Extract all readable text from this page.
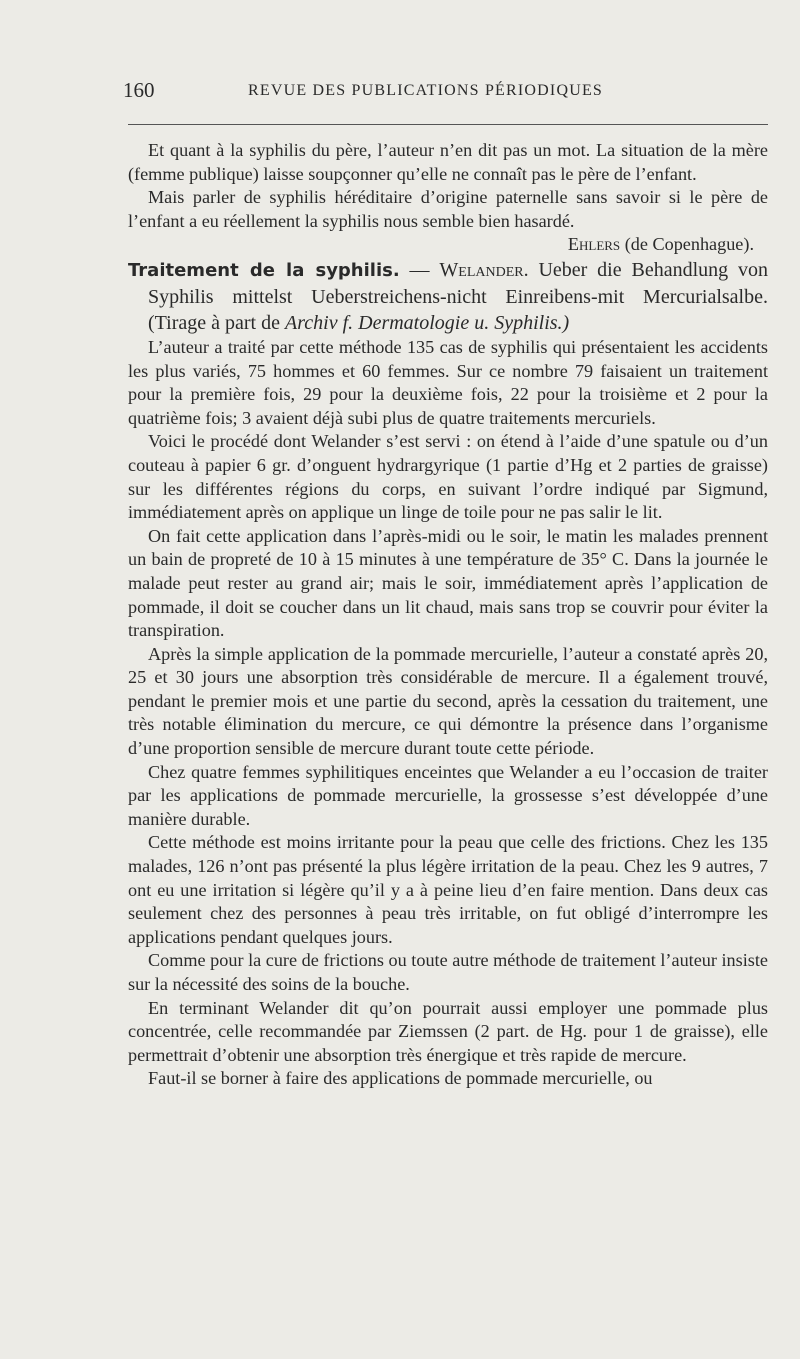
160	REVUE DES PUBLICATIONS PÉRIODIQUES

Et quant à la syphilis du père, l’auteur n’en dit pas un mot. La situation de la mère (femme publique) laisse soupçonner qu’elle ne connaît pas le père de l’enfant.

Mais parler de syphilis héréditaire d’origine paternelle sans savoir si le père de l’enfant a eu réellement la syphilis nous semble bien hasardé.

Ehlers (de Copenhague).

Traitement de la syphilis. — Welander. Ueber die Behandlung von Syphilis mittelst Ueberstreichens-nicht Einreibens-mit Mercurialsalbe. (Tirage à part de Archiv f. Dermatologie u. Syphilis.)

L’auteur a traité par cette méthode 135 cas de syphilis qui présentaient les accidents les plus variés, 75 hommes et 60 femmes. Sur ce nombre 79 faisaient un traitement pour la première fois, 29 pour la deuxième fois, 22 pour la troisième et 2 pour la quatrième fois; 3 avaient déjà subi plus de quatre traitements mercuriels.

Voici le procédé dont Welander s’est servi : on étend à l’aide d’une spatule ou d’un couteau à papier 6 gr. d’onguent hydrargyrique (1 partie d’Hg et 2 parties de graisse) sur les différentes régions du corps, en suivant l’ordre indiqué par Sigmund, immédiatement après on applique un linge de toile pour ne pas salir le lit.

On fait cette application dans l’après-midi ou le soir, le matin les malades prennent un bain de propreté de 10 à 15 minutes à une température de 35° C. Dans la journée le malade peut rester au grand air; mais le soir, immédiatement après l’application de pommade, il doit se coucher dans un lit chaud, mais sans trop se couvrir pour éviter la transpiration.

Après la simple application de la pommade mercurielle, l’auteur a constaté après 20, 25 et 30 jours une absorption très considérable de mercure. Il a également trouvé, pendant le premier mois et une partie du second, après la cessation du traitement, une très notable élimination du mercure, ce qui démontre la présence dans l’organisme d’une proportion sensible de mercure durant toute cette période.

Chez quatre femmes syphilitiques enceintes que Welander a eu l’occasion de traiter par les applications de pommade mercurielle, la grossesse s’est développée d’une manière durable.

Cette méthode est moins irritante pour la peau que celle des frictions. Chez les 135 malades, 126 n’ont pas présenté la plus légère irritation de la peau. Chez les 9 autres, 7 ont eu une irritation si légère qu’il y a à peine lieu d’en faire mention. Dans deux cas seulement chez des personnes à peau très irritable, on fut obligé d’interrompre les applications pendant quelques jours.

Comme pour la cure de frictions ou toute autre méthode de traitement l’auteur insiste sur la nécessité des soins de la bouche.

En terminant Welander dit qu’on pourrait aussi employer une pommade plus concentrée, celle recommandée par Ziemssen (2 part. de Hg. pour 1 de graisse), elle permettrait d’obtenir une absorption très énergique et très rapide de mercure.

Faut-il se borner à faire des applications de pommade mercurielle, ou
